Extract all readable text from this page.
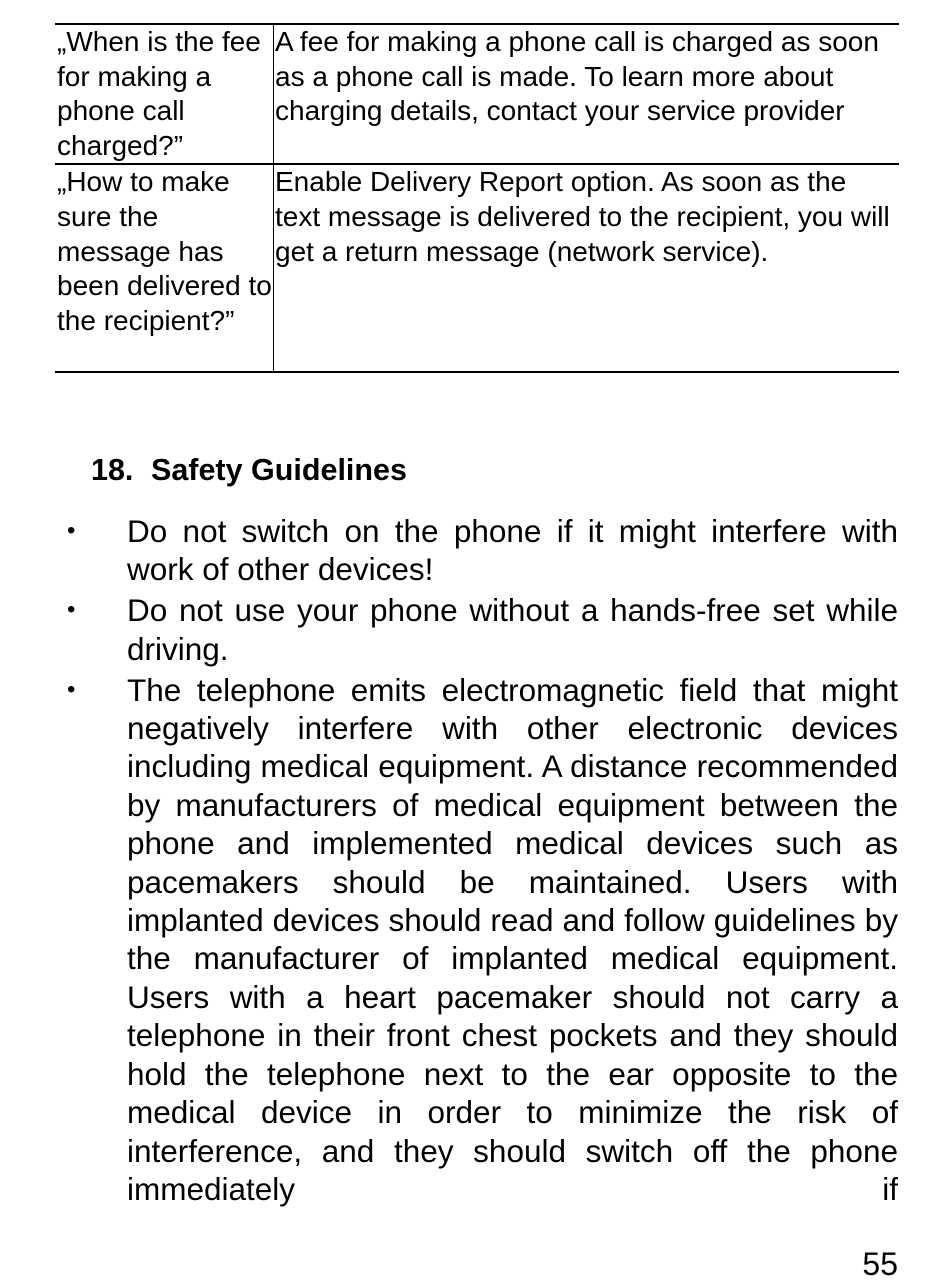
„When is the fee for making a phone call charged?”	A fee for making a phone call is charged as soon as a phone call is made. To learn more about charging details, contact your service provider
„How to make sure the message has been delivered to the recipient?”	Enable Delivery Report option. As soon as the text message is delivered to the recipient, you will get a return message (network service).
18. Safety Guidelines
• Do not switch on the phone if it might interfere with work of other devices!
• Do not use your phone without a hands-free set while driving.
• The telephone emits electromagnetic field that might negatively interfere with other electronic devices including medical equipment. A distance recommended by manufacturers of medical equipment between the phone and implemented medical devices such as pacemakers should be maintained. Users with implanted devices should read and follow guidelines by the manufacturer of implanted medical equipment. Users with a heart pacemaker should not carry a telephone in their front chest pockets and they should hold the telephone next to the ear opposite to the medical device in order to minimize the risk of interference, and they should switch off the phone immediately if
55
